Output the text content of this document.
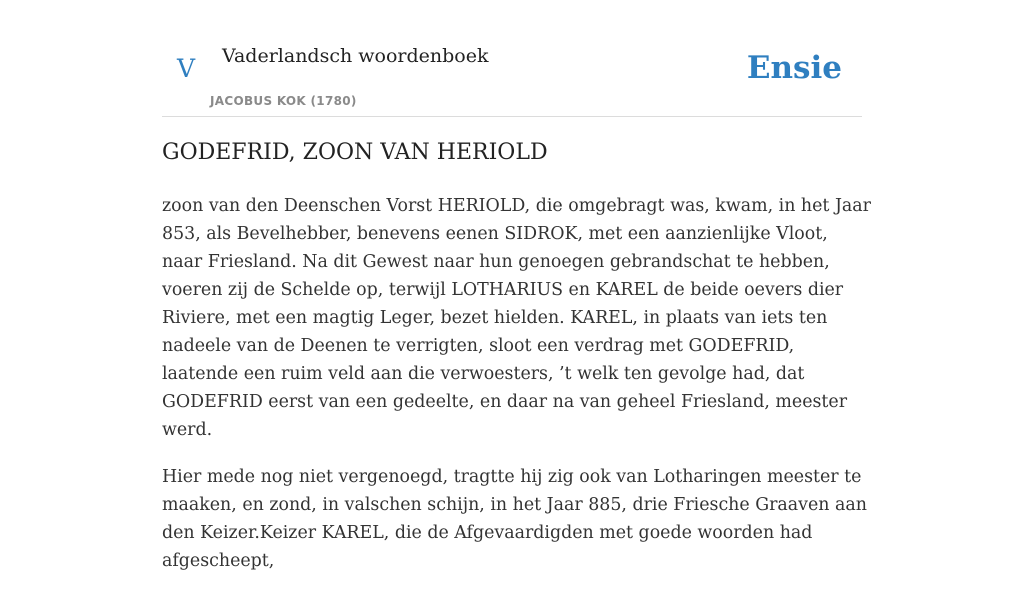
V Vaderlandsch woordenboek
JACOBUS KOK (1780)
Ensie
GODEFRID, ZOON VAN HERIOLD

zoon van den Deenschen Vorst HERIOLD, die omgebragt was, kwam, in het Jaar 853, als Bevelhebber, benevens eenen SIDROK, met een aanzienlijke Vloot, naar Friesland. Na dit Gewest naar hun genoegen gebrandschat te hebben, voeren zij de Schelde op, terwijl LOTHARIUS en KAREL de beide oevers dier Riviere, met een magtig Leger, bezet hielden. KAREL, in plaats van iets ten nadeele van de Deenen te verrigten, sloot een verdrag met GODEFRID, laatende een ruim veld aan die verwoesters, ’t welk ten gevolge had, dat GODEFRID eerst van een gedeelte, en daar na van geheel Friesland, meester werd.

Hier mede nog niet vergenoegd, tragtte hij zig ook van Lotharingen meester te maaken, en zond, in valschen schijn, in het Jaar 885, drie Friesche Graaven aan den Keizer.Keizer KAREL, die de Afgevaardigden met goede woorden had afgescheept,
